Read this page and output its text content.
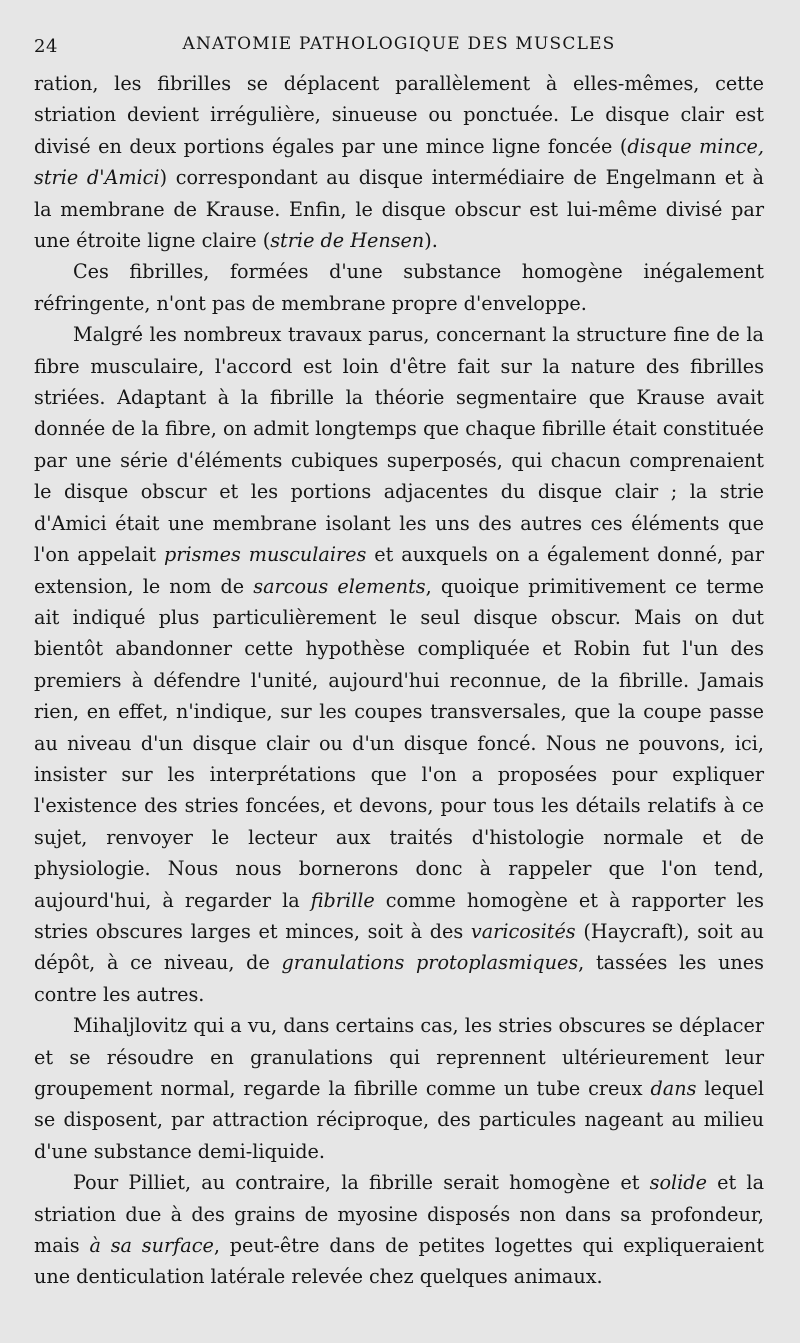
24	ANATOMIE PATHOLOGIQUE DES MUSCLES

ration, les fibrilles se déplacent parallèlement à elles-mêmes, cette striation devient irrégulière, sinueuse ou ponctuée. Le disque clair est divisé en deux portions égales par une mince ligne foncée (disque mince, strie d'Amici) correspondant au disque intermédiaire de Engelmann et à la membrane de Krause. Enfin, le disque obscur est lui-même divisé par une étroite ligne claire (strie de Hensen).

Ces fibrilles, formées d'une substance homogène inégalement réfringente, n'ont pas de membrane propre d'enveloppe.

Malgré les nombreux travaux parus, concernant la structure fine de la fibre musculaire, l'accord est loin d'être fait sur la nature des fibrilles striées. Adaptant à la fibrille la théorie segmentaire que Krause avait donnée de la fibre, on admit longtemps que chaque fibrille était constituée par une série d'éléments cubiques superposés, qui chacun comprenaient le disque obscur et les portions adjacentes du disque clair ; la strie d'Amici était une membrane isolant les uns des autres ces éléments que l'on appelait prismes musculaires et auxquels on a également donné, par extension, le nom de sarcous elements, quoique primitivement ce terme ait indiqué plus particulièrement le seul disque obscur. Mais on dut bientôt abandonner cette hypothèse compliquée et Robin fut l'un des premiers à défendre l'unité, aujourd'hui reconnue, de la fibrille. Jamais rien, en effet, n'indique, sur les coupes transversales, que la coupe passe au niveau d'un disque clair ou d'un disque foncé. Nous ne pouvons, ici, insister sur les interprétations que l'on a proposées pour expliquer l'existence des stries foncées, et devons, pour tous les détails relatifs à ce sujet, renvoyer le lecteur aux traités d'histologie normale et de physiologie. Nous nous bornerons donc à rappeler que l'on tend, aujourd'hui, à regarder la fibrille comme homogène et à rapporter les stries obscures larges et minces, soit à des varicosités (Haycraft), soit au dépôt, à ce niveau, de granulations protoplasmiques, tassées les unes contre les autres.

Mihaljlovitz qui a vu, dans certains cas, les stries obscures se déplacer et se résoudre en granulations qui reprennent ultérieurement leur groupement normal, regarde la fibrille comme un tube creux dans lequel se disposent, par attraction réciproque, des particules nageant au milieu d'une substance demi-liquide.

Pour Pilliet, au contraire, la fibrille serait homogène et solide et la striation due à des grains de myosine disposés non dans sa profondeur, mais à sa surface, peut-être dans de petites logettes qui expliqueraient une denticulation latérale relevée chez quelques animaux.
